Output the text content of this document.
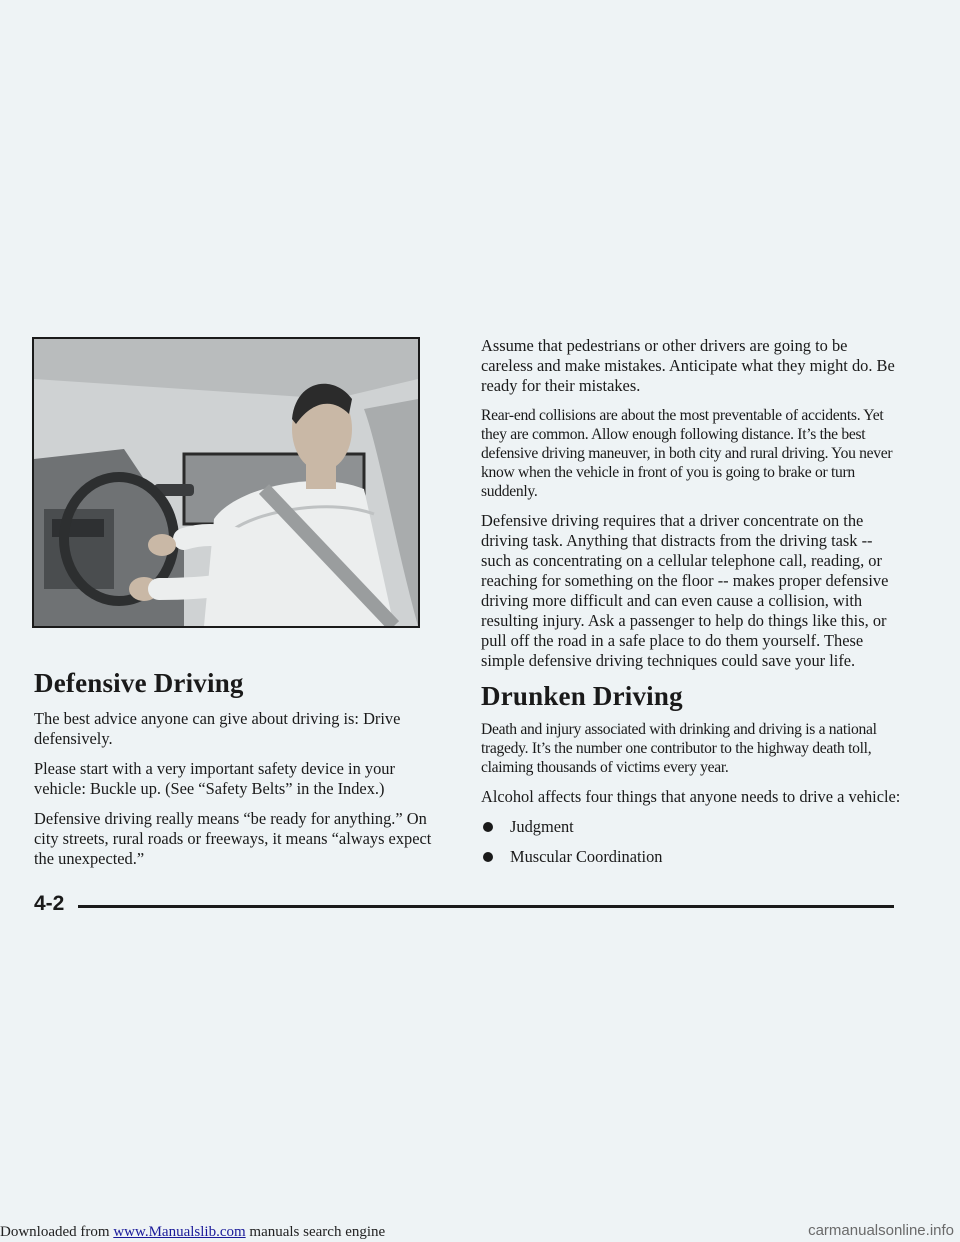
Defensive Driving

The best advice anyone can give about driving is: Drive defensively.

Please start with a very important safety device in your vehicle: Buckle up. (See “Safety Belts” in the Index.)

Defensive driving really means “be ready for anything.” On city streets, rural roads or freeways, it means “always expect the unexpected.”

Assume that pedestrians or other drivers are going to be careless and make mistakes. Anticipate what they might do. Be ready for their mistakes.

Rear-end collisions are about the most preventable of accidents. Yet they are common. Allow enough following distance. It’s the best defensive driving maneuver, in both city and rural driving. You never know when the vehicle in front of you is going to brake or turn suddenly.

Defensive driving requires that a driver concentrate on the driving task. Anything that distracts from the driving task -- such as concentrating on a cellular telephone call, reading, or reaching for something on the floor -- makes proper defensive driving more difficult and can even cause a collision, with resulting injury. Ask a passenger to help do things like this, or pull off the road in a safe place to do them yourself. These simple defensive driving techniques could save your life.

Drunken Driving

Death and injury associated with drinking and driving is a national tragedy. It’s the number one contributor to the highway death toll, claiming thousands of victims every year.

Alcohol affects four things that anyone needs to drive a vehicle:

Judgment
Muscular Coordination
4-2
Downloaded from www.Manualslib.com manuals search engine	carmanualsonline.info
